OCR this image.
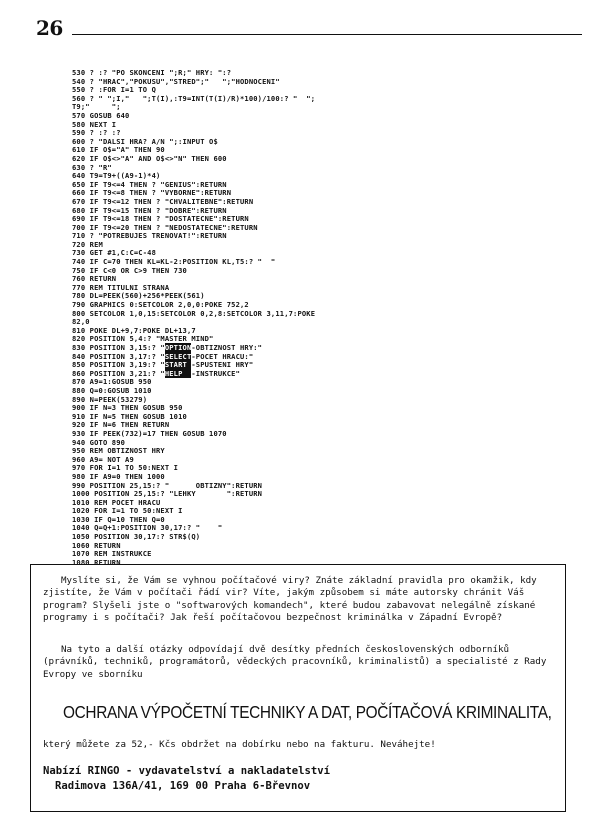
26
530 ? :? "PO SKONCENI ";R;" HRY: ":?
540 ? "HRAC","POKUSU","STRED";"   ";"HODNOCENI"
550 ? :FOR I=1 TO Q
560 ? " ";I,"   ";T(I),:T9=INT(T(I)/R)*100)/100:? "  ";
T9;"     ";
570 GOSUB 640
580 NEXT I
590 ? :? :?
600 ? "DALSI HRA? A/N ";:INPUT O$
610 IF O$="A" THEN 90
620 IF O$<>"A" AND O$<>"N" THEN 600
630 ? "R"
640 T9=T9+((A9-1)*4)
650 IF T9<=4 THEN ? "GENIUS":RETURN
660 IF T9<=8 THEN ? "VYBORNE":RETURN
670 IF T9<=12 THEN ? "CHVALITEBNE":RETURN
680 IF T9<=15 THEN ? "DOBRE":RETURN
690 IF T9<=18 THEN ? "DOSTATECNE":RETURN
700 IF T9<=20 THEN ? "NEDOSTATECNE":RETURN
710 ? "POTREBUJES TRENOVAT!":RETURN
720 REM
730 GET #1,C:C=C-48
740 IF C=70 THEN KL=KL-2:POSITION KL,T5:? "  "
750 IF C<0 OR C>9 THEN 730
760 RETURN
770 REM TITULNI STRANA
780 DL=PEEK(560)+256*PEEK(561)
790 GRAPHICS 0:SETCOLOR 2,0,0:POKE 752,2
800 SETCOLOR 1,0,15:SETCOLOR 0,2,8:SETCOLOR 3,11,7:POKE
82,0
810 POKE DL+9,7:POKE DL+13,7
820 POSITION 5,4:? "MASTER MIND"
830 POSITION 3,15:? "OPTION-OBTIZNOST HRY:"
840 POSITION 3,17:? "SELECT-POCET HRACU:"
850 POSITION 3,19:? "START -SPUSTENI HRY"
860 POSITION 3,21:? "HELP  -INSTRUKCE"
870 A9=1:GOSUB 950
880 Q=0:GOSUB 1010
890 N=PEEK(53279)
900 IF N=3 THEN GOSUB 950
910 IF N=5 THEN GOSUB 1010
920 IF N=6 THEN RETURN
930 IF PEEK(732)=17 THEN GOSUB 1070
940 GOTO 890
950 REM OBTIZNOST HRY
960 A9= NOT A9
970 FOR I=1 TO 50:NEXT I
980 IF A9=0 THEN 1000
990 POSITION 25,15:? "      OBTIZNY":RETURN
1000 POSITION 25,15:? "LEHKY       ":RETURN
1010 REM POCET HRACU
1020 FOR I=1 TO 50:NEXT I
1030 IF Q=10 THEN Q=0
1040 Q=Q+1:POSITION 30,17:? "    "
1050 POSITION 30,17:? STR$(Q)
1060 RETURN
1070 REM INSTRUKCE
1080 RETURN
Myslíte si, že Vám se vyhnou počítačové viry? Znáte základní pravidla pro okamžik, kdy zjistíte, že Vám v počítači řádí vir? Víte, jakým způsobem si máte autorsky chránit Váš program? Slyšeli jste o "softwarových komandech", které budou zabavovat nelegálně získané programy i s počítači? Jak řeší počítačovou bezpečnost kriminálka v Západní Evropě?
Na tyto a další otázky odpovídají dvě desítky předních československých odborníků (právníků, techniků, programátorů, vědeckých pracovníků, kriminalistů) a specialisté z Rady Evropy ve sborníku
OCHRANA VÝPOČETNÍ TECHNIKY A DAT, POČÍTAČOVÁ KRIMINALITA,
který můžete za 52,- Kčs obdržet na dobírku nebo na fakturu. Neváhejte!
Nabízí RINGO - vydavatelství a nakladatelství
Radimova 136A/41, 169 00 Praha 6-Břevnov
